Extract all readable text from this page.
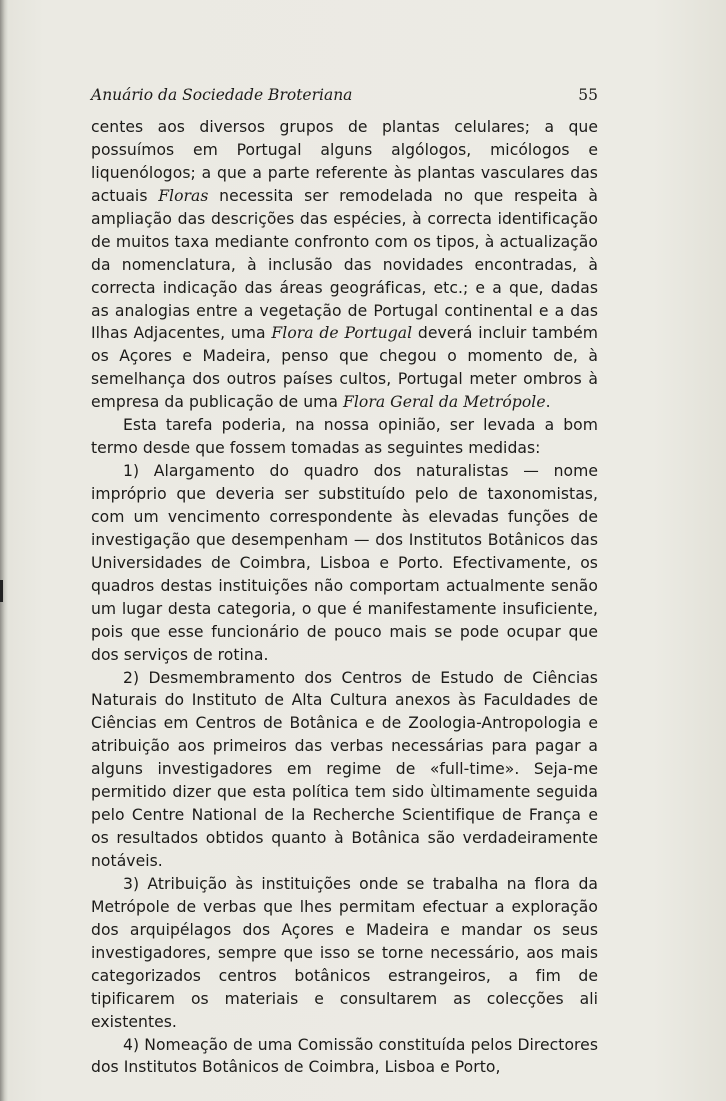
Anuário da Sociedade Broteriana	55

centes aos diversos grupos de plantas celulares; a que possuímos em Portugal alguns algólogos, micólogos e liquenólogos; a que a parte referente às plantas vasculares das actuais Floras necessita ser remodelada no que respeita à ampliação das descrições das espécies, à correcta identificação de muitos taxa mediante confronto com os tipos, à actualização da nomenclatura, à inclusão das novidades encontradas, à correcta indicação das áreas geográficas, etc.; e a que, dadas as analogias entre a vegetação de Portugal continental e a das Ilhas Adjacentes, uma Flora de Portugal deverá incluir também os Açores e Madeira, penso que chegou o momento de, à semelhança dos outros países cultos, Portugal meter ombros à empresa da publicação de uma Flora Geral da Metrópole.

Esta tarefa poderia, na nossa opinião, ser levada a bom termo desde que fossem tomadas as seguintes medidas:

1) Alargamento do quadro dos naturalistas — nome impróprio que deveria ser substituído pelo de taxonomistas, com um vencimento correspondente às elevadas funções de investigação que desempenham — dos Institutos Botânicos das Universidades de Coimbra, Lisboa e Porto. Efectivamente, os quadros destas instituições não comportam actualmente senão um lugar desta categoria, o que é manifestamente insuficiente, pois que esse funcionário de pouco mais se pode ocupar que dos serviços de rotina.

2) Desmembramento dos Centros de Estudo de Ciências Naturais do Instituto de Alta Cultura anexos às Faculdades de Ciências em Centros de Botânica e de Zoologia-Antropologia e atribuição aos primeiros das verbas necessárias para pagar a alguns investigadores em regime de «full-time». Seja-me permitido dizer que esta política tem sido ùltimamente seguida pelo Centre National de la Recherche Scientifique de França e os resultados obtidos quanto à Botânica são verdadeiramente notáveis.

3) Atribuição às instituições onde se trabalha na flora da Metrópole de verbas que lhes permitam efectuar a exploração dos arquipélagos dos Açores e Madeira e mandar os seus investigadores, sempre que isso se torne necessário, aos mais categorizados centros botânicos estrangeiros, a fim de tipificarem os materiais e consultarem as colecções ali existentes.

4) Nomeação de uma Comissão constituída pelos Directores dos Institutos Botânicos de Coimbra, Lisboa e Porto,
